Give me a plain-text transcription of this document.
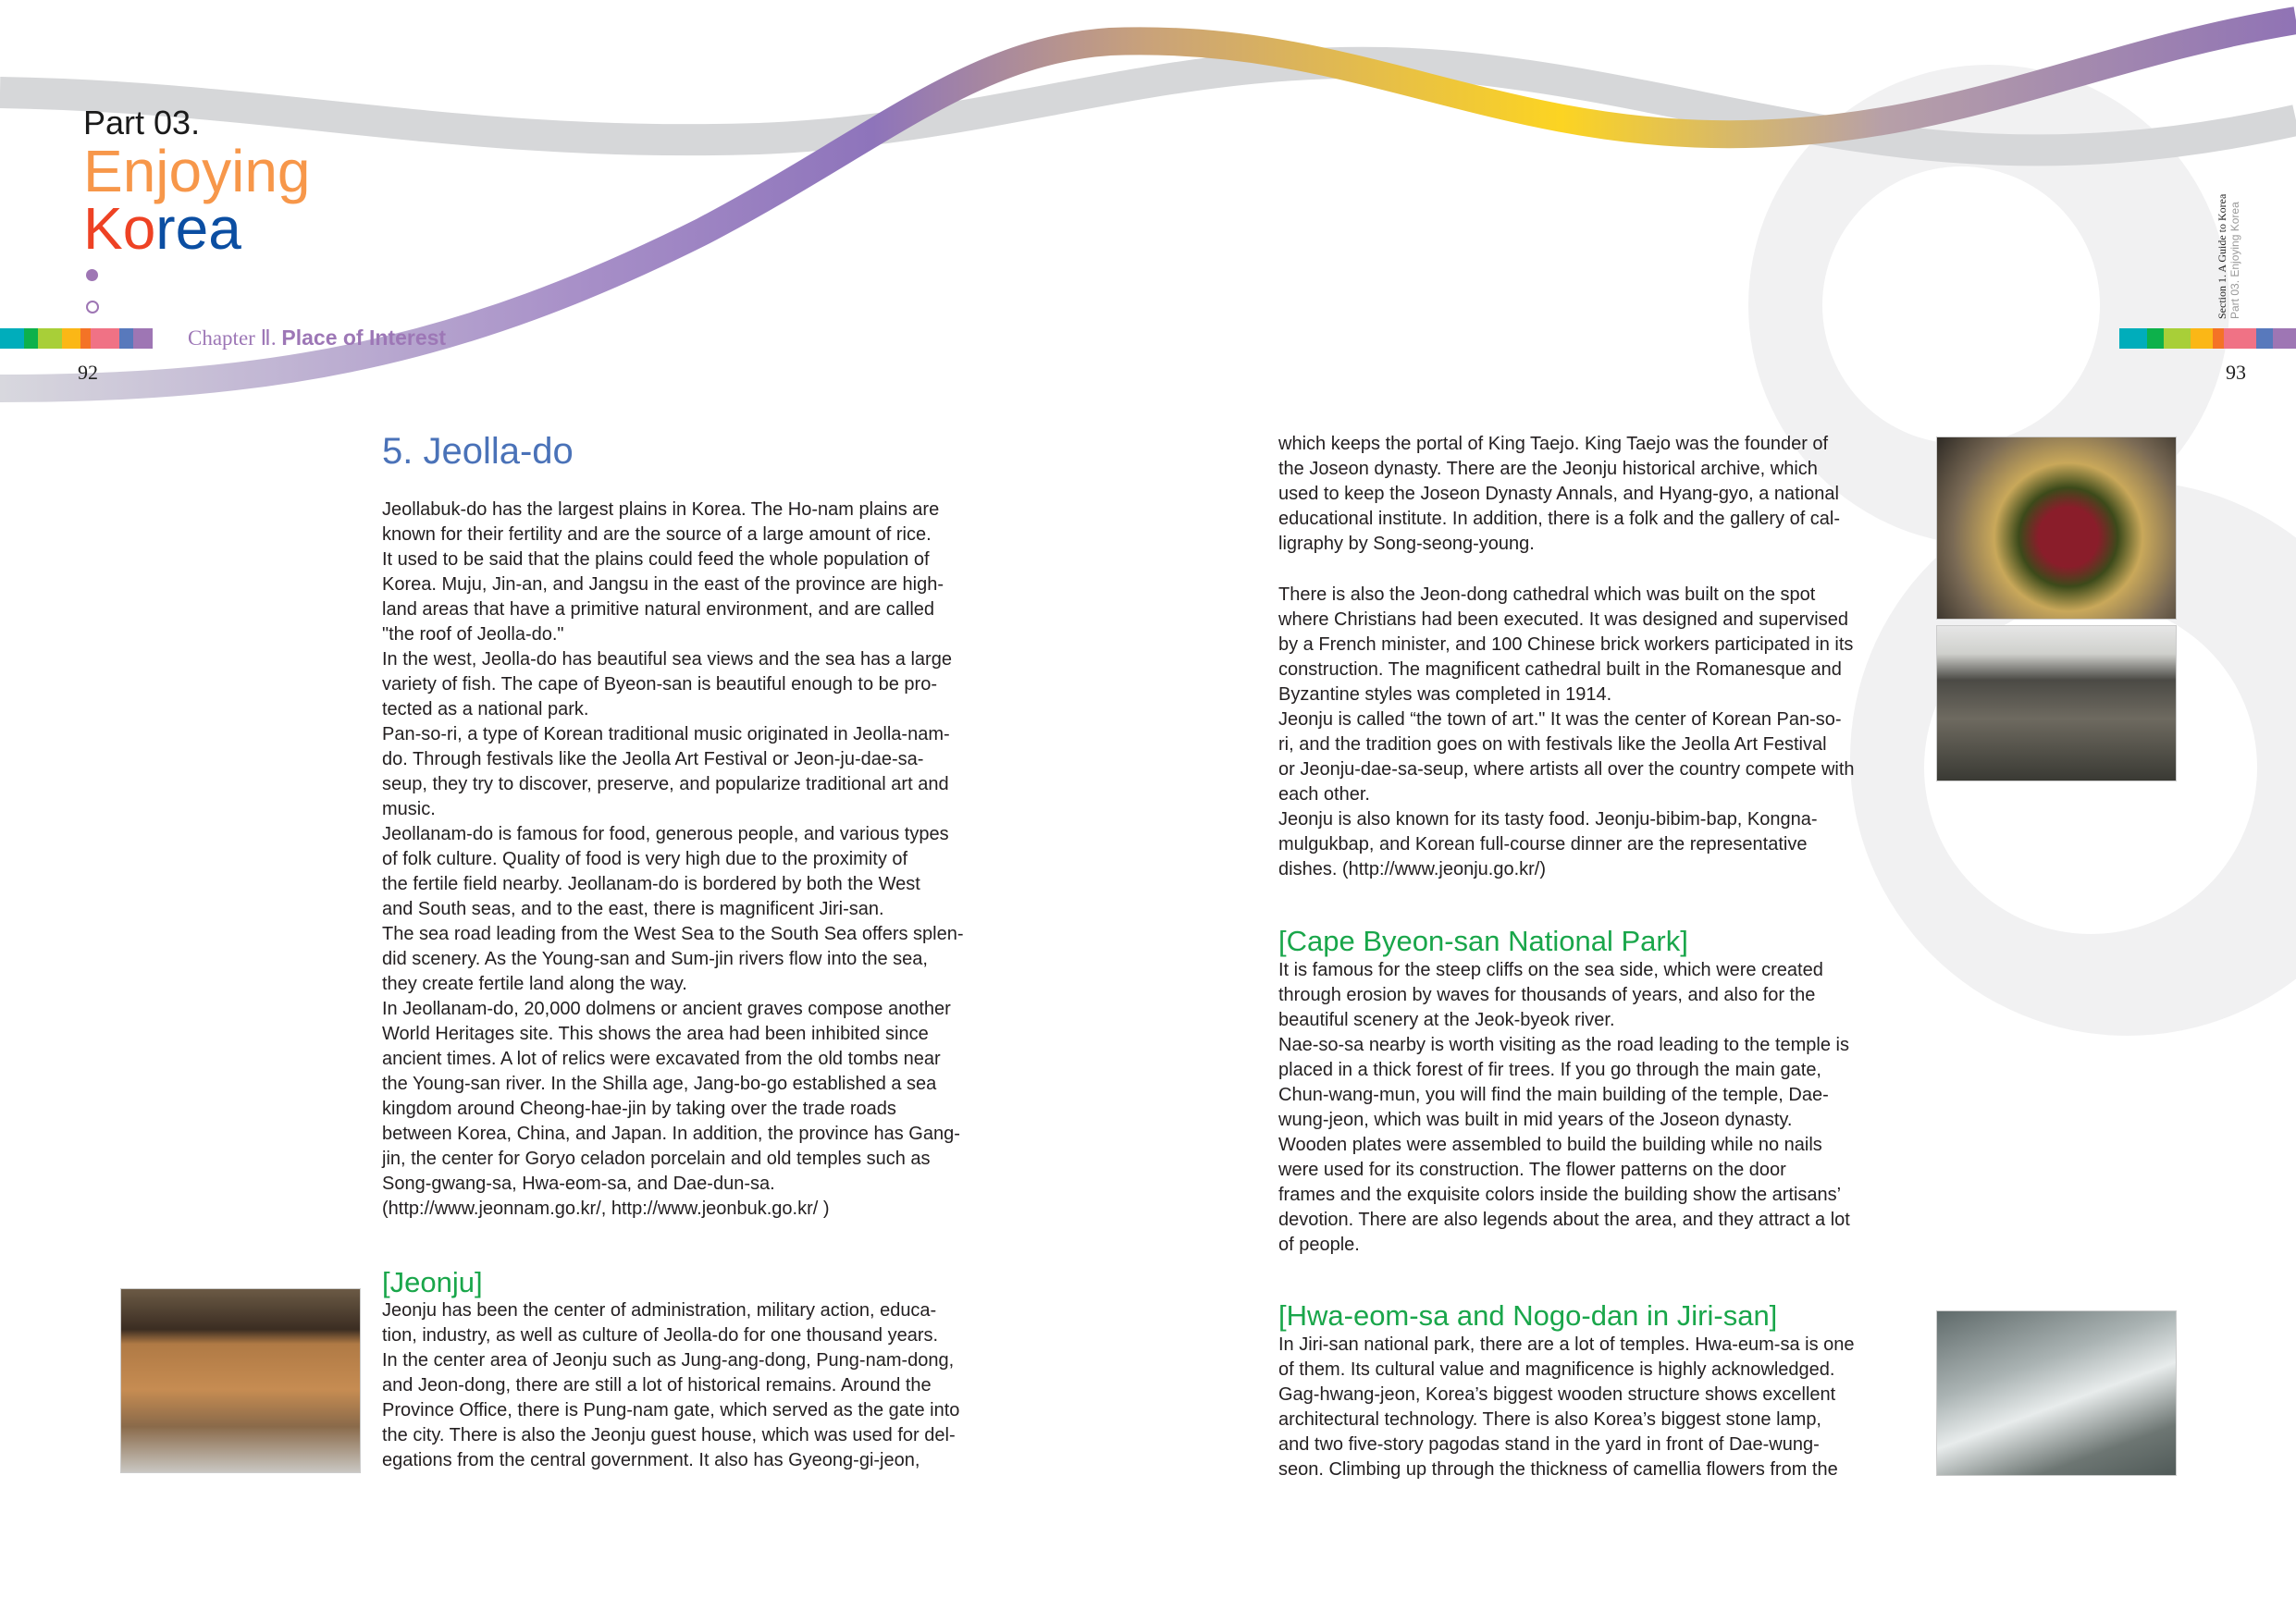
Part 03.
Enjoying
Korea
Chapter Ⅱ. Place of Interest
92
Section 1. A Guide to Korea Part 03. Enjoying Korea
93
5. Jeolla-do
Jeollabuk-do has the largest plains in Korea. The Ho-nam plains are
known for their fertility and are the source of a large amount of rice.
It used to be said that the plains could feed the whole population of
Korea. Muju, Jin-an, and Jangsu in the east of the province are high-
land areas that have a primitive natural environment, and are called
"the roof of Jeolla-do."
In the west, Jeolla-do has beautiful sea views and the sea has a large
variety of fish. The cape of Byeon-san is beautiful enough to be pro-
tected as a national park.
Pan-so-ri, a type of Korean traditional music originated in Jeolla-nam-
do. Through festivals like the Jeolla Art Festival or Jeon-ju-dae-sa-
seup, they try to discover, preserve, and popularize traditional art and
music.
Jeollanam-do is famous for food, generous people, and various types
of folk culture. Quality of food is very high due to the proximity of
the fertile field nearby. Jeollanam-do is bordered by both the West
and South seas, and to the east, there is magnificent Jiri-san.
The sea road leading from the West Sea to the South Sea offers splen-
did scenery. As the Young-san and Sum-jin rivers flow into the sea,
they create fertile land along the way.
In Jeollanam-do, 20,000 dolmens or ancient graves compose another
World Heritages site. This shows the area had been inhibited since
ancient times. A lot of relics were excavated from the old tombs near
the Young-san river. In the Shilla age, Jang-bo-go established a sea
kingdom around Cheong-hae-jin by taking over the trade roads
between Korea, China, and Japan. In addition, the province has Gang-
jin, the center for Goryo celadon porcelain and old temples such as
Song-gwang-sa, Hwa-eom-sa, and Dae-dun-sa.
(http://www.jeonnam.go.kr/, http://www.jeonbuk.go.kr/ )
[Jeonju]
Jeonju has been the center of administration, military action, educa-
tion, industry, as well as culture of Jeolla-do for one thousand years.
In the center area of Jeonju such as Jung-ang-dong, Pung-nam-dong,
and Jeon-dong, there are still a lot of historical remains. Around the
Province Office, there is Pung-nam gate, which served as the gate into
the city. There is also the Jeonju guest house, which was used for del-
egations from the central government. It also has Gyeong-gi-jeon,
which keeps the portal of King Taejo. King Taejo was the founder of
the Joseon dynasty. There are the Jeonju historical archive, which
used to keep the Joseon Dynasty Annals, and Hyang-gyo, a national
educational institute. In addition, there is a folk and the gallery of cal-
ligraphy by Song-seong-young.
There is also the Jeon-dong cathedral which was built on the spot
where Christians had been executed. It was designed and supervised
by a French minister, and 100 Chinese brick workers participated in its
construction. The magnificent cathedral built in the Romanesque and
Byzantine styles was completed in 1914.
Jeonju is called “the town of art." It was the center of Korean Pan-so-
ri, and the tradition goes on with festivals like the Jeolla Art Festival
or Jeonju-dae-sa-seup, where artists all over the country compete with
each other.
Jeonju is also known for its tasty food. Jeonju-bibim-bap, Kongna-
mulgukbap, and Korean full-course dinner are the representative
dishes. (http://www.jeonju.go.kr/)
[Cape Byeon-san National Park]
It is famous for the steep cliffs on the sea side, which were created
through erosion by waves for thousands of years, and also for the
beautiful scenery at the Jeok-byeok river.
Nae-so-sa nearby is worth visiting as the road leading to the temple is
placed in a thick forest of fir trees. If you go through the main gate,
Chun-wang-mun, you will find the main building of the temple, Dae-
wung-jeon, which was built in mid years of the Joseon dynasty.
Wooden plates were assembled to build the building while no nails
were used for its construction. The flower patterns on the door
frames and the exquisite colors inside the building show the artisans’
devotion. There are also legends about the area, and they attract a lot
of people.
[Hwa-eom-sa and Nogo-dan in Jiri-san]
In Jiri-san national park, there are a lot of temples. Hwa-eum-sa is one
of them. Its cultural value and magnificence is highly acknowledged.
Gag-hwang-jeon, Korea’s biggest wooden structure shows excellent
architectural technology. There is also Korea’s biggest stone lamp,
and two five-story pagodas stand in the yard in front of Dae-wung-
seon. Climbing up through the thickness of camellia flowers from the
